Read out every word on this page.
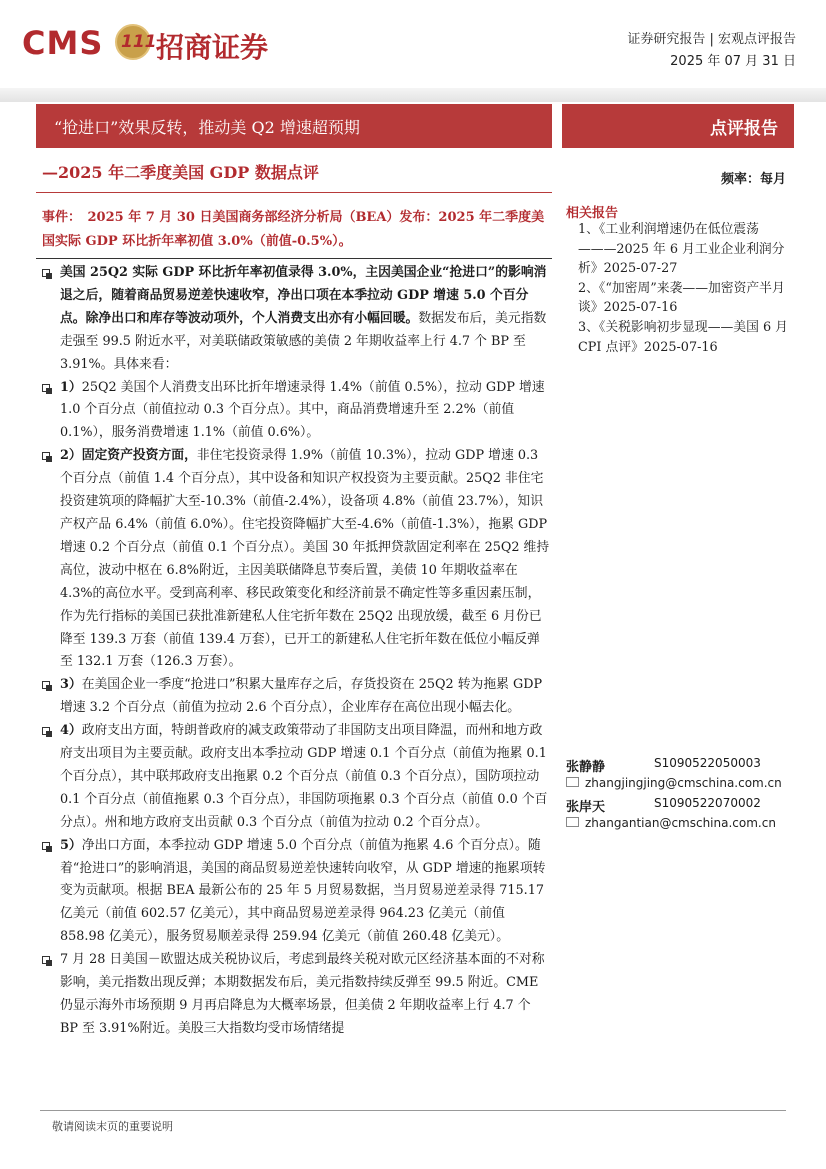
CMS 111 招商证券	证券研究报告 | 宏观点评报告
2025 年 07 月 31 日
“抢进口”效果反转，推动美 Q2 增速超预期	点评报告
—2025 年二季度美国 GDP 数据点评	频率：每月
事件：　2025 年 7 月 30 日美国商务部经济分析局（BEA）发布：2025 年二季度美国实际 GDP 环比折年率初值 3.0%（前值-0.5%）。

美国 25Q2 实际 GDP 环比折年率初值录得 3.0%，主因美国企业“抢进口”的影响消退之后，随着商品贸易逆差快速收窄，净出口项在本季拉动 GDP 增速 5.0 个百分点。除净出口和库存等波动项外，个人消费支出亦有小幅回暖。数据发布后，美元指数走强至 99.5 附近水平，对美联储政策敏感的美债 2 年期收益率上行 4.7 个 BP 至 3.91%。具体来看：

1）25Q2 美国个人消费支出环比折年增速录得 1.4%（前值 0.5%），拉动 GDP 增速 1.0 个百分点（前值拉动 0.3 个百分点）。其中，商品消费增速升至 2.2%（前值 0.1%），服务消费增速 1.1%（前值 0.6%）。

2）固定资产投资方面，非住宅投资录得 1.9%（前值 10.3%），拉动 GDP 增速 0.3 个百分点（前值 1.4 个百分点），其中设备和知识产权投资为主要贡献。25Q2 非住宅投资建筑项的降幅扩大至-10.3%（前值-2.4%），设备项 4.8%（前值 23.7%），知识产权产品 6.4%（前值 6.0%）。住宅投资降幅扩大至-4.6%（前值-1.3%），拖累 GDP 增速 0.2 个百分点（前值 0.1 个百分点）。美国 30 年抵押贷款固定利率在 25Q2 维持高位，波动中枢在 6.8%附近，主因美联储降息节奏后置，美债 10 年期收益率在 4.3%的高位水平。受到高利率、移民政策变化和经济前景不确定性等多重因素压制，作为先行指标的美国已获批准新建私人住宅折年数在 25Q2 出现放缓，截至 6 月份已降至 139.3 万套（前值 139.4 万套），已开工的新建私人住宅折年数在低位小幅反弹至 132.1 万套（126.3 万套）。

3）在美国企业一季度“抢进口”积累大量库存之后，存货投资在 25Q2 转为拖累 GDP 增速 3.2 个百分点（前值为拉动 2.6 个百分点），企业库存在高位出现小幅去化。

4）政府支出方面，特朗普政府的减支政策带动了非国防支出项目降温，而州和地方政府支出项目为主要贡献。政府支出本季拉动 GDP 增速 0.1 个百分点（前值为拖累 0.1 个百分点），其中联邦政府支出拖累 0.2 个百分点（前值 0.3 个百分点），国防项拉动 0.1 个百分点（前值拖累 0.3 个百分点），非国防项拖累 0.3 个百分点（前值 0.0 个百分点）。州和地方政府支出贡献 0.3 个百分点（前值为拉动 0.2 个百分点）。

5）净出口方面，本季拉动 GDP 增速 5.0 个百分点（前值为拖累 4.6 个百分点）。随着“抢进口”的影响消退，美国的商品贸易逆差快速转向收窄，从 GDP 增速的拖累项转变为贡献项。根据 BEA 最新公布的 25 年 5 月贸易数据，当月贸易逆差录得 715.17 亿美元（前值 602.57 亿美元），其中商品贸易逆差录得 964.23 亿美元（前值 858.98 亿美元），服务贸易顺差录得 259.94 亿美元（前值 260.48 亿美元）。

7 月 28 日美国－欧盟达成关税协议后，考虑到最终关税对欧元区经济基本面的不对称影响，美元指数出现反弹；本期数据发布后，美元指数持续反弹至 99.5 附近。CME 仍显示海外市场预期 9 月再启降息为大概率场景，但美债 2 年期收益率上行 4.7 个 BP 至 3.91%附近。美股三大指数均受市场情绪提

相关报告

1、《工业利润增速仍在低位震荡———2025 年 6 月工业企业利润分析》2025-07-27

2、《“加密周”来袭——加密资产半月谈》2025-07-16

3、《关税影响初步显现——美国 6 月 CPI 点评》2025-07-16

张静静	S1090522050003
zhangjingjing@cmschina.com.cn
张岸天	S1090522070002
zhangantian@cmschina.com.cn
敬请阅读末页的重要说明
